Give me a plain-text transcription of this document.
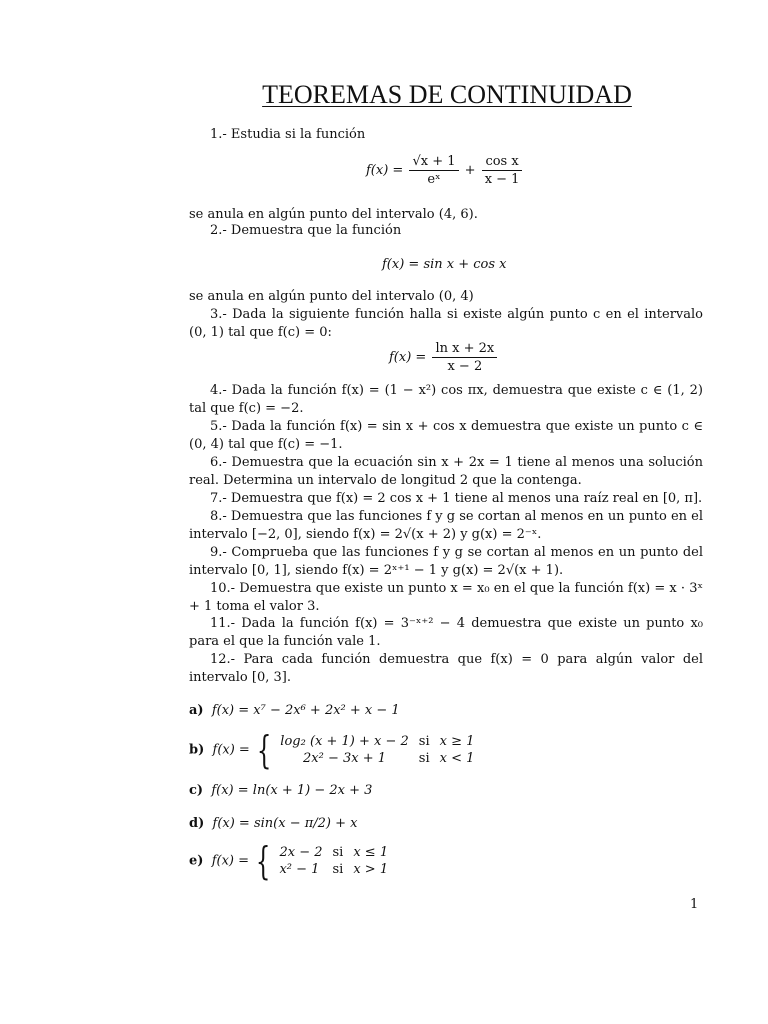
TEOREMAS DE CONTINUIDAD
1.- Estudia si la función
$f(x) = \frac{√x + 1}{\text{eˣ}} + \frac{\text{cos x}}{x - 1}$
se anula en algún punto del intervalo (4, 6).
2.- Demuestra que la función
f(x) = sin x + cos x
se anula en algún punto del intervalo (0, 4)
3.- Dada la siguiente función halla si existe algún punto c en el intervalo (0, 1) tal que f(c) = 0:
$f(x) = \frac{\text{ln x + 2x}}{x - 2}$
4.- Dada la función f(x) = (1 − x²) cos πx, demuestra que existe c ∈ (1, 2) tal que f(c) = −2.
5.- Dada la función f(x) = sin x + cos x demuestra que existe un punto c ∈ (0, 4) tal que f(c) = −1.
6.- Demuestra que la ecuación sin x + 2x = 1 tiene al menos una solución real. Determina un intervalo de longitud 2 que la contenga.
7.- Demuestra que f(x) = 2 cos x + 1 tiene al menos una raíz real en [0, π].
8.- Demuestra que las funciones f y g se cortan al menos en un punto en el intervalo [−2, 0], siendo f(x) = 2√(x + 2) y g(x) = 2⁻ˣ.
9.- Comprueba que las funciones f y g se cortan al menos en un punto del intervalo [0, 1], siendo f(x) = 2ˣ⁺¹ − 1 y g(x) = 2√(x + 1).
10.- Demuestra que existe un punto x = x₀ en el que la función f(x) = x · 3ˣ + 1 toma el valor 3.
11.- Dada la función f(x) = 3⁻ˣ⁺² − 4 demuestra que existe un punto x₀ para el que la función vale 1.
12.- Para cada función demuestra que f(x) = 0 para algún valor del intervalo [0, 3].
a) f(x) = x⁷ − 2x⁶ + 2x² + x − 1
b) f(x) = { log₂ (x + 1) + x − 2	si	x ≥ 1
2x² − 3x + 1	si	x < 1
c) f(x) = ln(x + 1) − 2x + 3
d) f(x) = sin(x − π/2) + x
e) f(x) = { 2x − 2	si	x ≤ 1
x² − 1	si	x > 1
1
